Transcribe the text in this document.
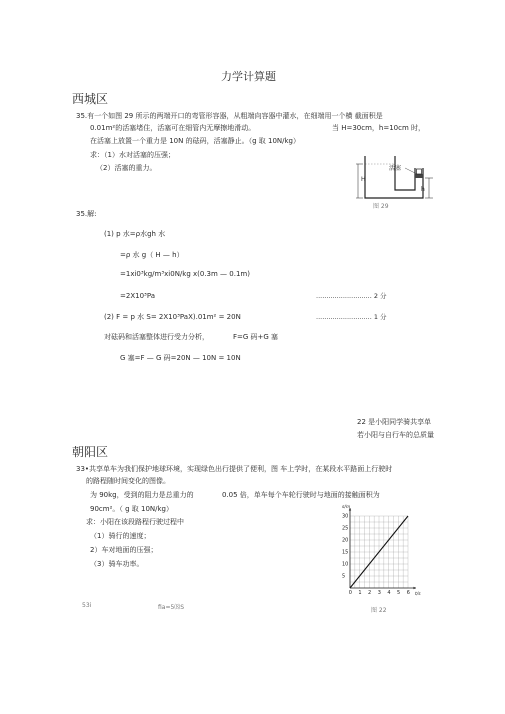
力学计算题
西城区
35.有一个如图 29 所示的两端开口的弯管形容器，从粗端向容器中灌水，在细端用一个横 截面积是
0.01m²的活塞堵住，活塞可在细管内无摩擦地滑动。	当 H=30cm，h=10cm 时，
在活塞上放置一个重力是 10N 的砝码，活塞静止。（g 取 10N/kg）
求：（1）水对活塞的压强；
（2）活塞的重力。	活塞
H
h
图 29
35.解:
(1) p 水=ρ水gh 水
=ρ 水 g（ H — h）
=1xi0³kg/m³xi0N/kg x(0.3m — 0.1m)
=2X10³Pa	........................... 2 分
(2) F = p 水 S= 2X10³PaX).01m² = 20N	........................... 1 分
对砝码和活塞整体进行受力分析，	F=G 码+G 塞
G 塞=F — G 码=20N — 10N = 10N
22 是小阳同学骑共享单
若小阳与自行车的总质量
朝阳区
33•共享单车为我们保护地球环境，实现绿色出行提供了便利，图 车上学时，在某段水平路面上行驶时
的路程随时间变化的图像。
为 90kg，受到的阻力是总重力的	0.05 倍，单车每个车轮行驶时与地面的接触面积为
90cm²。（ g 取 10N/kg）
求：小阳在该段路程行驶过程中
（1）骑行的速度；
2）车对地面的压强；
（3）骑车功率。
0 1 2 3 4 5 6
5
10
15
20
25
30
s/m
t/s
图 22
53i	fia=5⑻S
